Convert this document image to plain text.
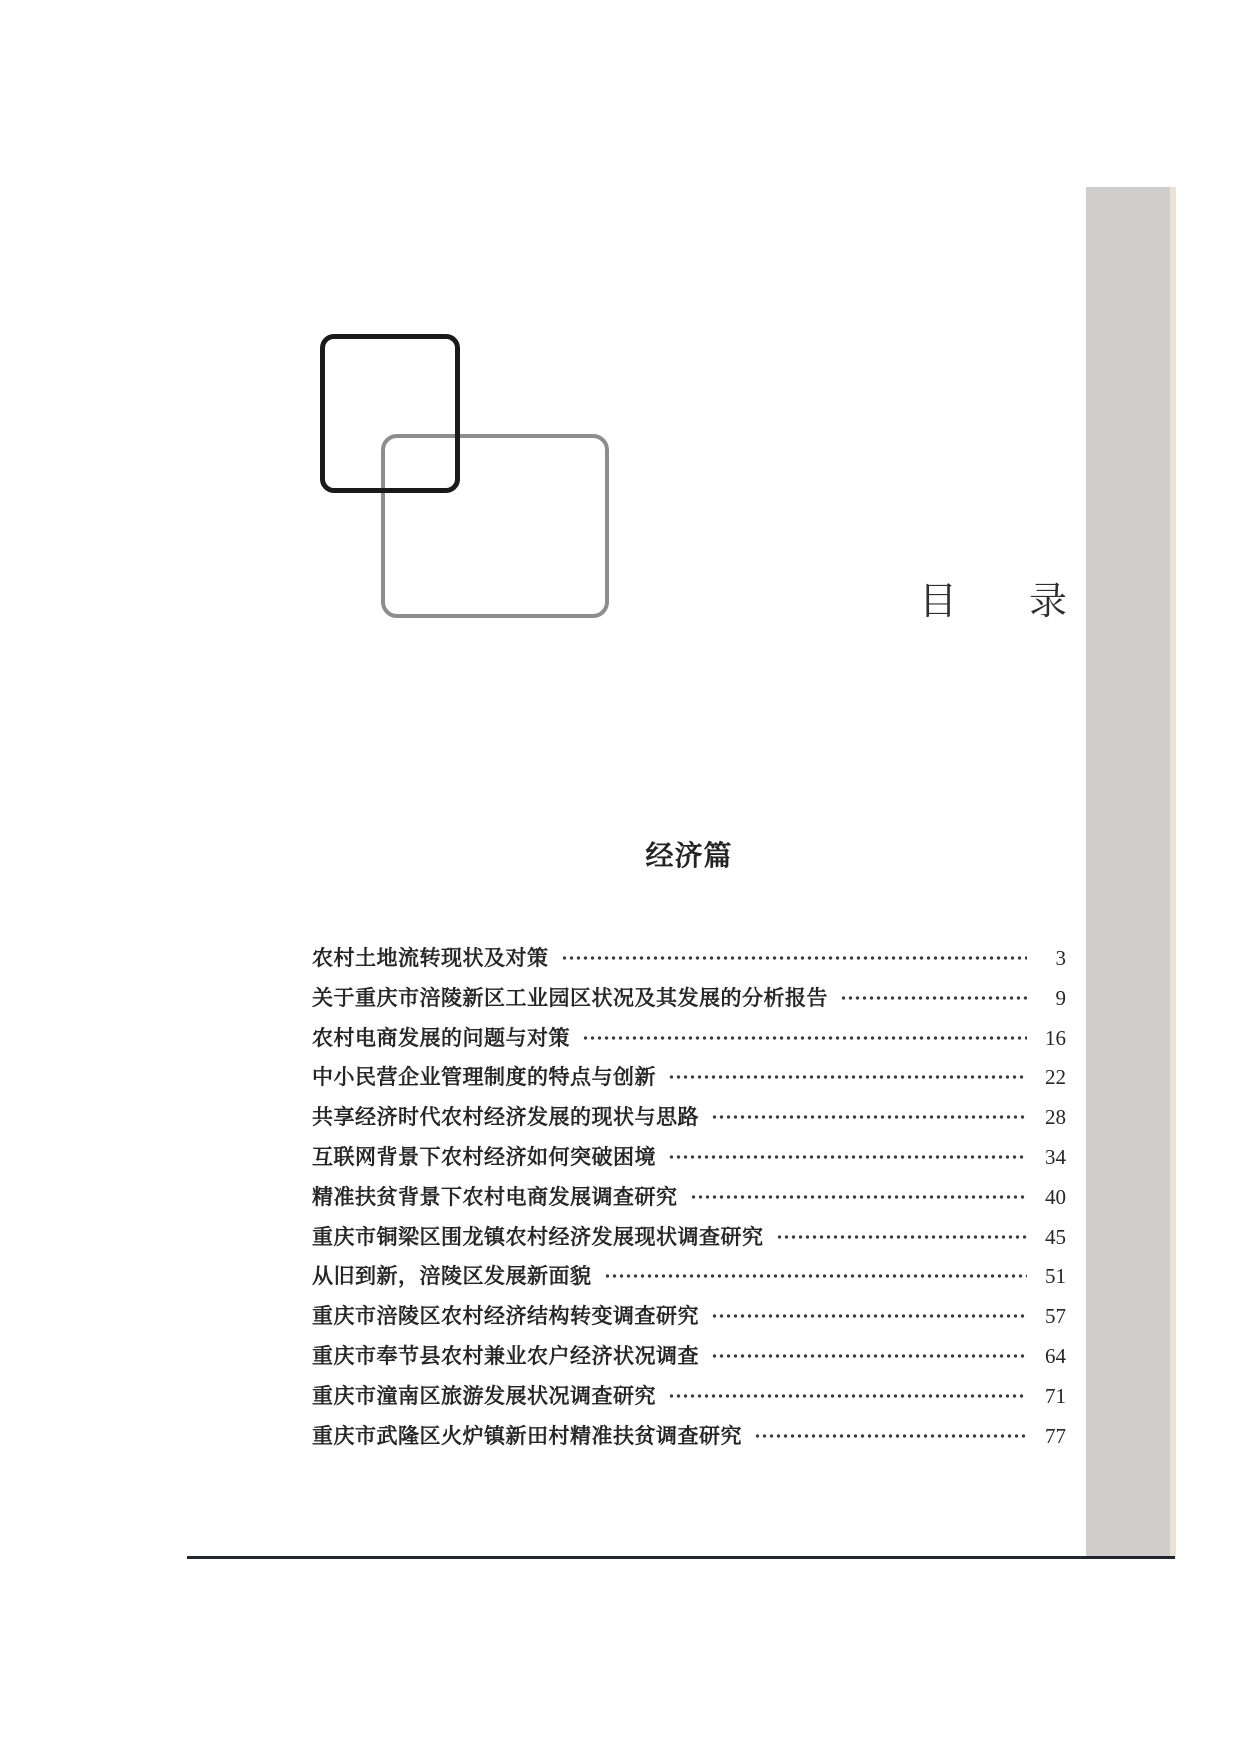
目 录
经济篇
农村土地流转现状及对策	3
关于重庆市涪陵新区工业园区状况及其发展的分析报告	9
农村电商发展的问题与对策	16
中小民营企业管理制度的特点与创新	22
共享经济时代农村经济发展的现状与思路	28
互联网背景下农村经济如何突破困境	34
精准扶贫背景下农村电商发展调查研究	40
重庆市铜梁区围龙镇农村经济发展现状调查研究	45
从旧到新，涪陵区发展新面貌	51
重庆市涪陵区农村经济结构转变调查研究	57
重庆市奉节县农村兼业农户经济状况调查	64
重庆市潼南区旅游发展状况调查研究	71
重庆市武隆区火炉镇新田村精准扶贫调查研究	77
